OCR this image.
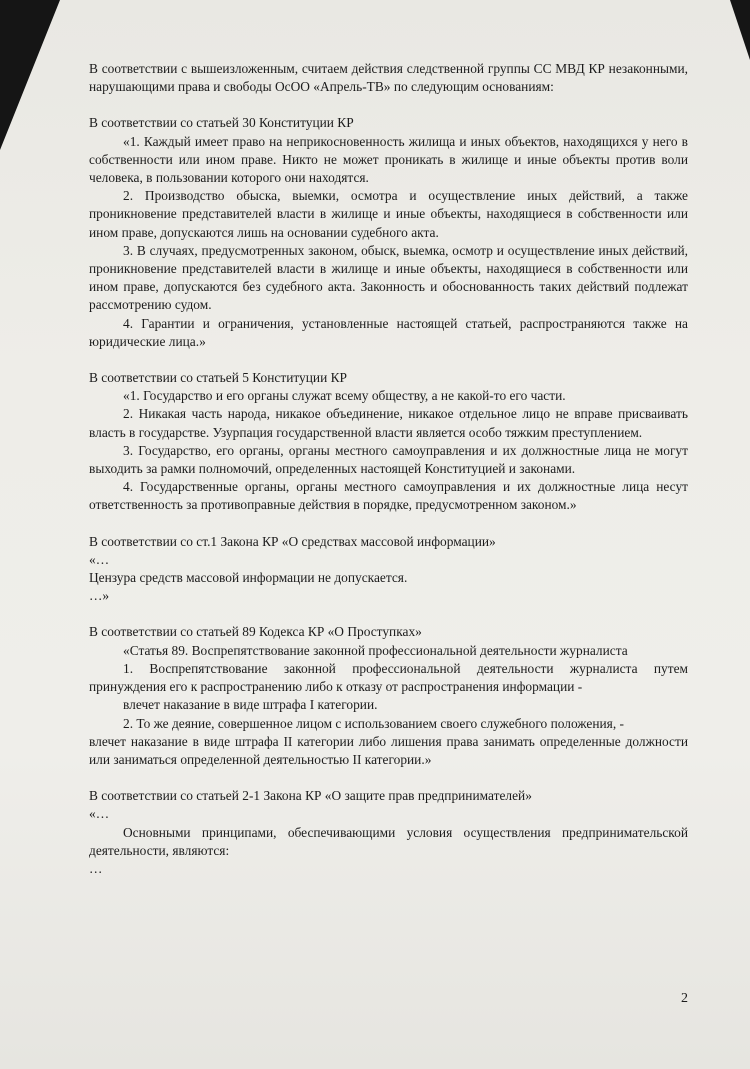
В соответствии с вышеизложенным, считаем действия следственной группы СС МВД КР незаконными, нарушающими права и свободы ОсОО «Апрель-ТВ» по следующим основаниям:

В соответствии со статьей 30 Конституции КР

«1. Каждый имеет право на неприкосновенность жилища и иных объектов, находящихся у него в собственности или ином праве. Никто не может проникать в жилище и иные объекты против воли человека, в пользовании которого они находятся.

2. Производство обыска, выемки, осмотра и осуществление иных действий, а также проникновение представителей власти в жилище и иные объекты, находящиеся в собственности или ином праве, допускаются лишь на основании судебного акта.

3. В случаях, предусмотренных законом, обыск, выемка, осмотр и осуществление иных действий, проникновение представителей власти в жилище и иные объекты, находящиеся в собственности или ином праве, допускаются без судебного акта. Законность и обоснованность таких действий подлежат рассмотрению судом.

4. Гарантии и ограничения, установленные настоящей статьей, распространяются также на юридические лица.»

В соответствии со статьей 5 Конституции КР

«1. Государство и его органы служат всему обществу, а не какой-то его части.

2. Никакая часть народа, никакое объединение, никакое отдельное лицо не вправе присваивать власть в государстве. Узурпация государственной власти является особо тяжким преступлением.

3. Государство, его органы, органы местного самоуправления и их должностные лица не могут выходить за рамки полномочий, определенных настоящей Конституцией и законами.

4. Государственные органы, органы местного самоуправления и их должностные лица несут ответственность за противоправные действия в порядке, предусмотренном законом.»

В соответствии со ст.1 Закона КР «О средствах массовой информации»

«…

Цензура средств массовой информации не допускается.

…»

В соответствии со статьей 89 Кодекса КР «О Проступках»

«Статья 89. Воспрепятствование законной профессиональной деятельности журналиста

1. Воспрепятствование законной профессиональной деятельности журналиста путем принуждения его к распространению либо к отказу от распространения информации -

влечет наказание в виде штрафа I категории.

2. То же деяние, совершенное лицом с использованием своего служебного положения, -

влечет наказание в виде штрафа II категории либо лишения права занимать определенные должности или заниматься определенной деятельностью II категории.»

В соответствии со статьей 2-1 Закона КР «О защите прав предпринимателей»

«…

Основными принципами, обеспечивающими условия осуществления предпринимательской деятельности, являются:

…

2
